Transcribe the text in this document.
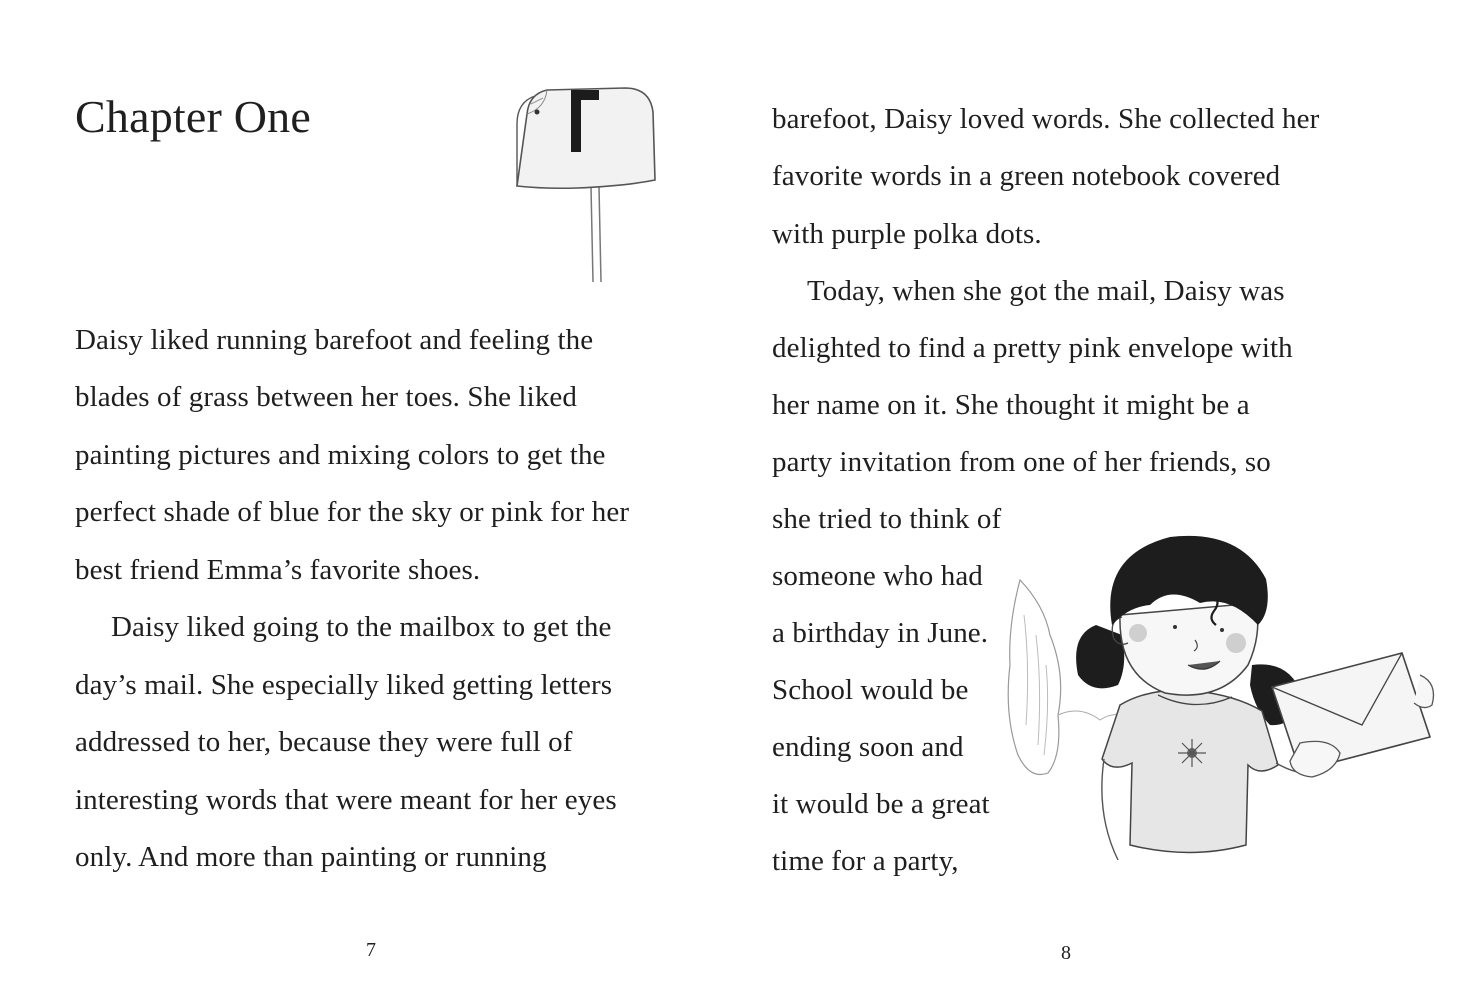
Chapter One
Daisy liked running barefoot and feeling the
blades of grass between her toes. She liked
painting pictures and mixing colors to get the
perfect shade of blue for the sky or pink for her
best friend Emma’s favorite shoes.
Daisy liked going to the mailbox to get the
day’s mail. She especially liked getting letters
addressed to her, because they were full of
interesting words that were meant for her eyes
only. And more than painting or running
7
barefoot, Daisy loved words. She collected her
favorite words in a green notebook covered
with purple polka dots.
Today, when she got the mail, Daisy was
delighted to find a pretty pink envelope with
her name on it. She thought it might be a
party invitation from one of her friends, so
she tried to think of
someone who had
a birthday in June.
School would be
ending soon and
it would be a great
time for a party,
8
